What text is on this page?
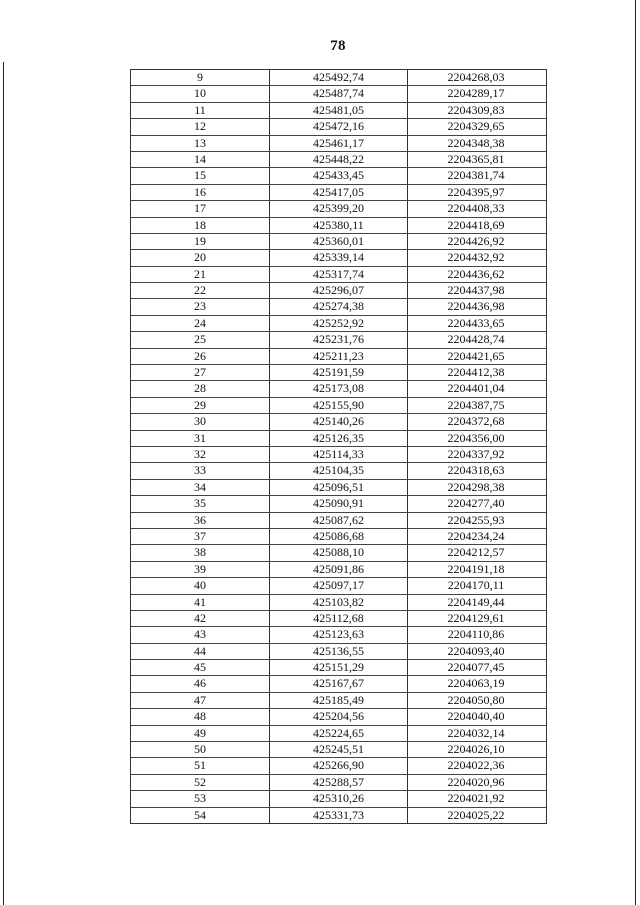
78
9	425492,74	2204268,03
10	425487,74	2204289,17
11	425481,05	2204309,83
12	425472,16	2204329,65
13	425461,17	2204348,38
14	425448,22	2204365,81
15	425433,45	2204381,74
16	425417,05	2204395,97
17	425399,20	2204408,33
18	425380,11	2204418,69
19	425360,01	2204426,92
20	425339,14	2204432,92
21	425317,74	2204436,62
22	425296,07	2204437,98
23	425274,38	2204436,98
24	425252,92	2204433,65
25	425231,76	2204428,74
26	425211,23	2204421,65
27	425191,59	2204412,38
28	425173,08	2204401,04
29	425155,90	2204387,75
30	425140,26	2204372,68
31	425126,35	2204356,00
32	425114,33	2204337,92
33	425104,35	2204318,63
34	425096,51	2204298,38
35	425090,91	2204277,40
36	425087,62	2204255,93
37	425086,68	2204234,24
38	425088,10	2204212,57
39	425091,86	2204191,18
40	425097,17	2204170,11
41	425103,82	2204149,44
42	425112,68	2204129,61
43	425123,63	2204110,86
44	425136,55	2204093,40
45	425151,29	2204077,45
46	425167,67	2204063,19
47	425185,49	2204050,80
48	425204,56	2204040,40
49	425224,65	2204032,14
50	425245,51	2204026,10
51	425266,90	2204022,36
52	425288,57	2204020,96
53	425310,26	2204021,92
54	425331,73	2204025,22
